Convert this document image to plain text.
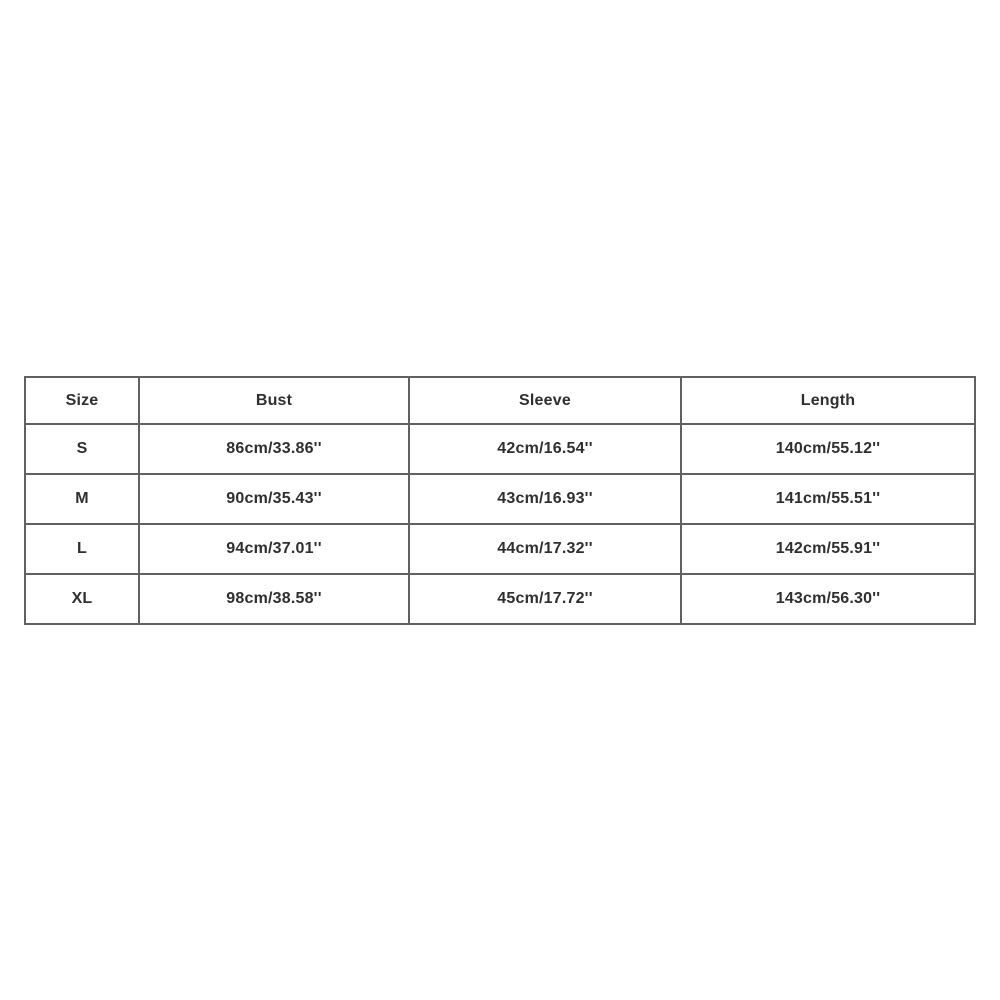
Size	Bust	Sleeve	Length
S	86cm/33.86''	42cm/16.54''	140cm/55.12''
M	90cm/35.43''	43cm/16.93''	141cm/55.51''
L	94cm/37.01''	44cm/17.32''	142cm/55.91''
XL	98cm/38.58''	45cm/17.72''	143cm/56.30''
